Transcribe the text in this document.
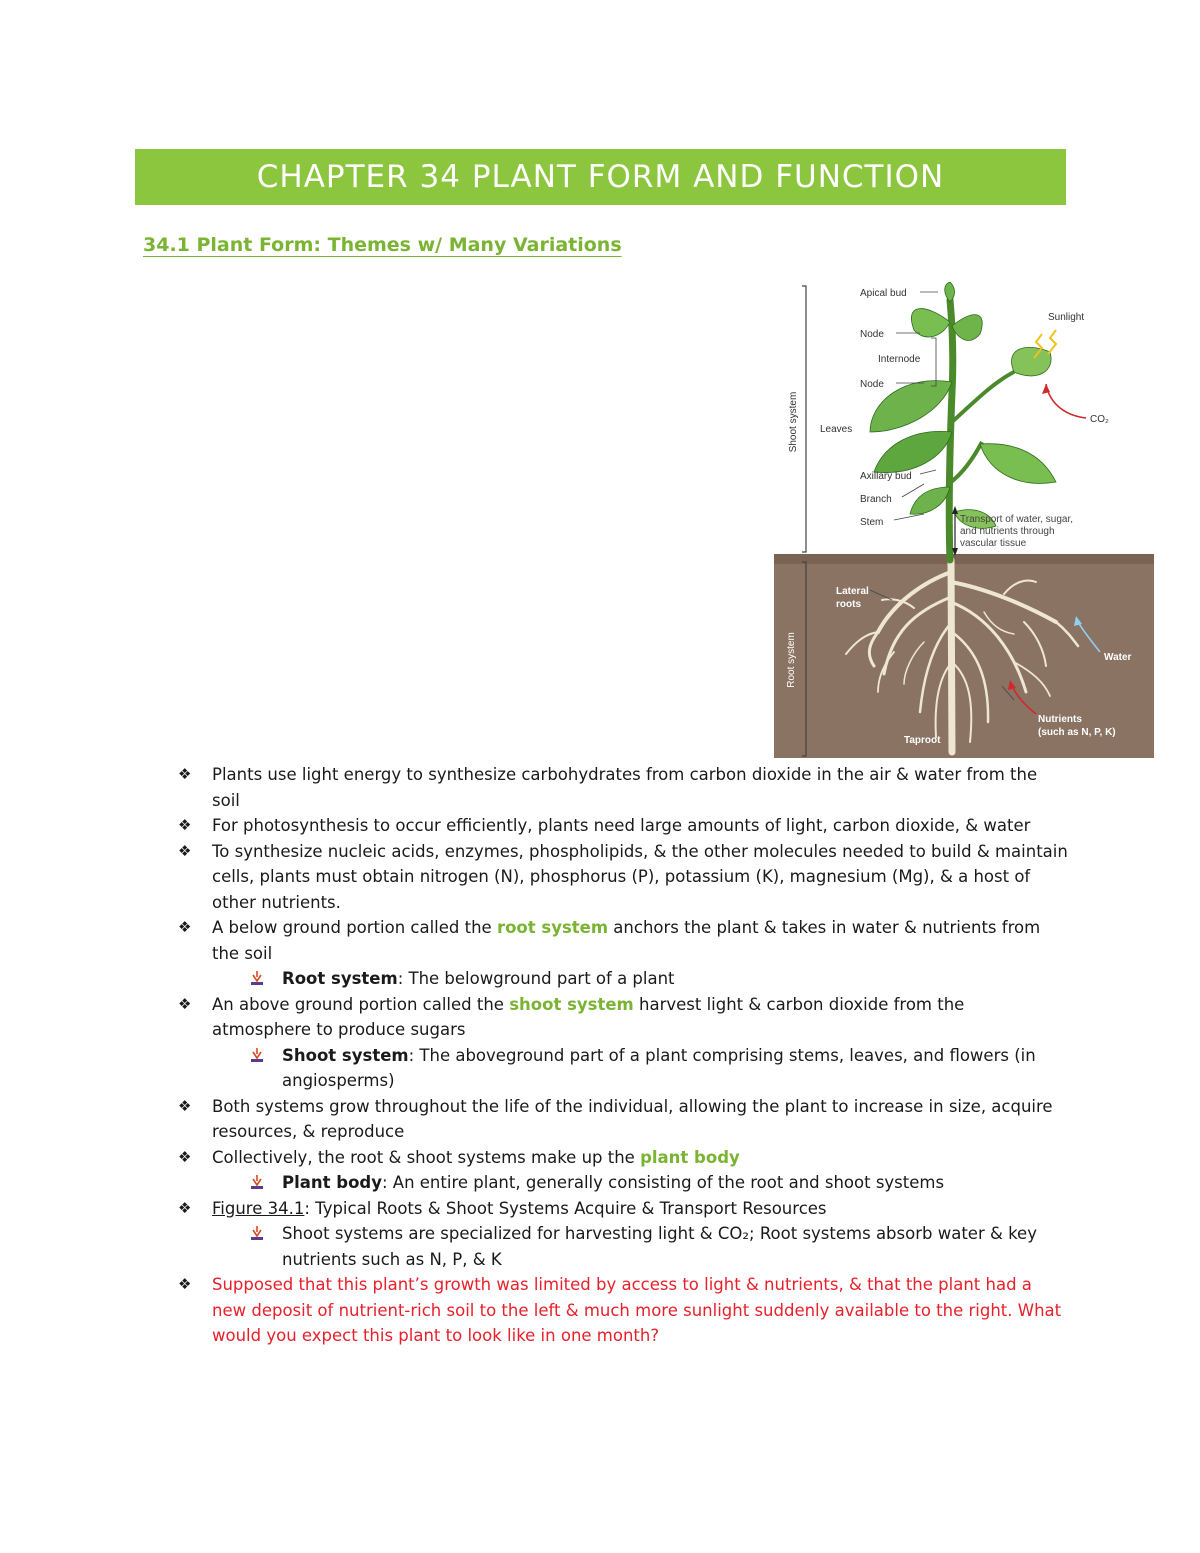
CHAPTER 34 PLANT FORM AND FUNCTION
34.1 Plant Form: Themes w/ Many Variations
Shoot system
Root system
Sunlight
CO₂
Apical bud
Node
Internode
Node
Leaves
Axillary bud
Branch
Stem	Transport of water, sugar,
and nutrients through
vascular tissue
Lateral
roots
Water
Nutrients
(such as N, P, K)
Taproot
❖ Plants use light energy to synthesize carbohydrates from carbon dioxide in the air & water from the soil
❖ For photosynthesis to occur efficiently, plants need large amounts of light, carbon dioxide, & water
❖ To synthesize nucleic acids, enzymes, phospholipids, & the other molecules needed to build & maintain cells, plants must obtain nitrogen (N), phosphorus (P), potassium (K), magnesium (Mg), & a host of other nutrients.
❖ A below ground portion called the root system anchors the plant & takes in water & nutrients from the soil
Root system: The belowground part of a plant
❖ An above ground portion called the shoot system harvest light & carbon dioxide from the atmosphere to produce sugars
Shoot system: The aboveground part of a plant comprising stems, leaves, and flowers (in angiosperms)
❖ Both systems grow throughout the life of the individual, allowing the plant to increase in size, acquire resources, & reproduce
❖ Collectively, the root & shoot systems make up the plant body
Plant body: An entire plant, generally consisting of the root and shoot systems
❖ Figure 34.1: Typical Roots & Shoot Systems Acquire & Transport Resources
Shoot systems are specialized for harvesting light & CO₂; Root systems absorb water & key nutrients such as N, P, & K
❖ Supposed that this plant’s growth was limited by access to light & nutrients, & that the plant had a new deposit of nutrient-rich soil to the left & much more sunlight suddenly available to the right. What would you expect this plant to look like in one month?
